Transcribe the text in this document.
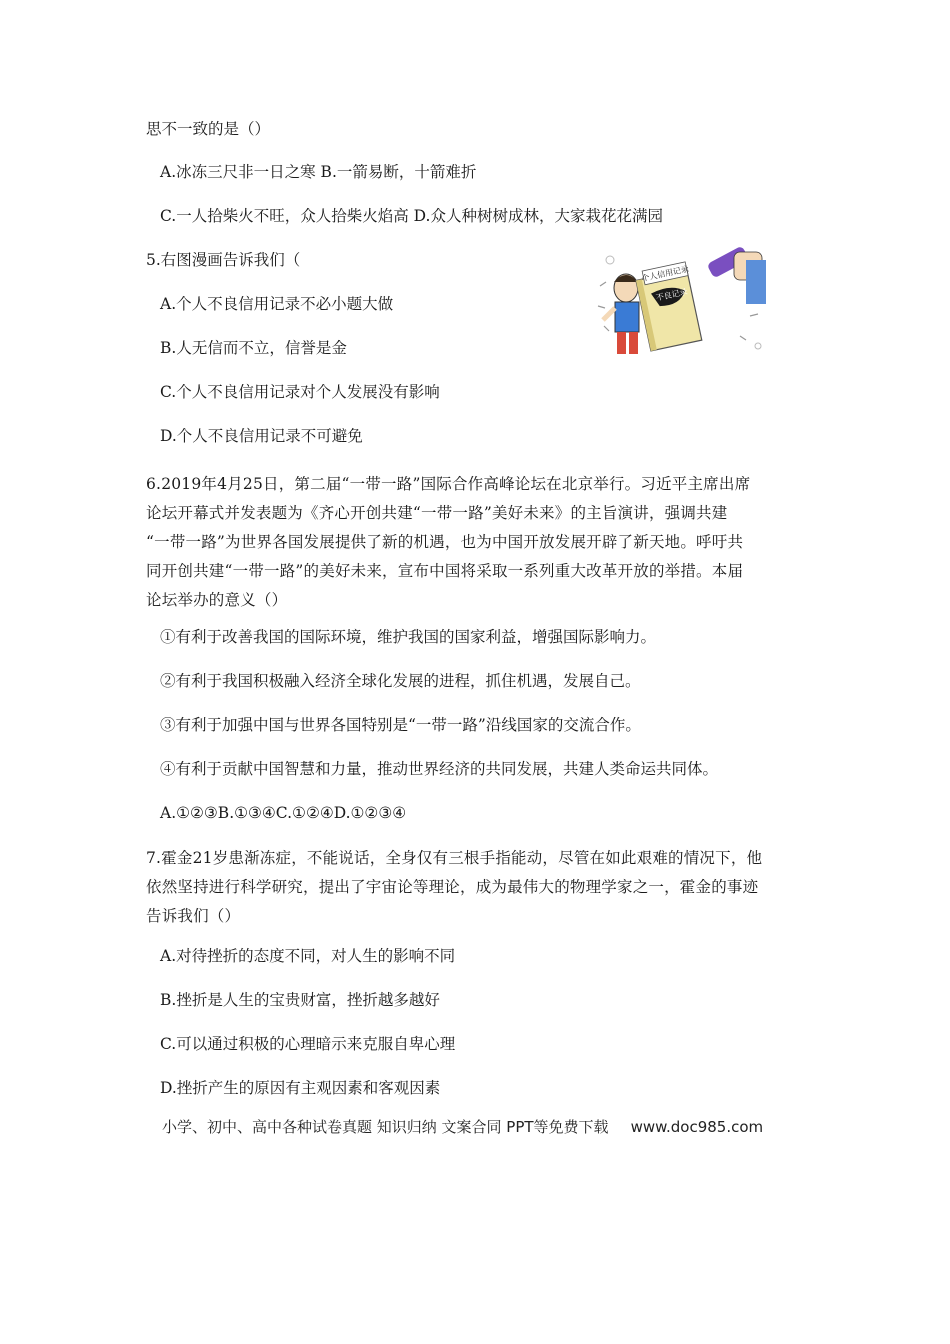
思不一致的是（）
A.冰冻三尺非一日之寒 B.一箭易断，十箭难折
C.一人拾柴火不旺，众人拾柴火焰高 D.众人种树树成林，大家栽花花满园
5.右图漫画告诉我们（
A.个人不良信用记录不必小题大做
B.人无信而不立，信誉是金
C.个人不良信用记录对个人发展没有影响
D.个人不良信用记录不可避免
个人信用记录
不良记录
6.2019年4月25日，第二届“一带一路”国际合作高峰论坛在北京举行。习近平主席出席
论坛开幕式并发表题为《齐心开创共建“一带一路”美好未来》的主旨演讲，强调共建
“一带一路”为世界各国发展提供了新的机遇，也为中国开放发展开辟了新天地。呼吁共
同开创共建“一带一路”的美好未来，宣布中国将采取一系列重大改革开放的举措。本届
论坛举办的意义（）
①有利于改善我国的国际环境，维护我国的国家利益，增强国际影响力。
②有利于我国积极融入经济全球化发展的进程，抓住机遇，发展自己。
③有利于加强中国与世界各国特别是“一带一路”沿线国家的交流合作。
④有利于贡献中国智慧和力量，推动世界经济的共同发展，共建人类命运共同体。
A.①②③B.①③④C.①②④D.①②③④
7.霍金21岁患渐冻症，不能说话，全身仅有三根手指能动，尽管在如此艰难的情况下，他
依然坚持进行科学研究，提出了宇宙论等理论，成为最伟大的物理学家之一，霍金的事迹
告诉我们（）
A.对待挫折的态度不同，对人生的影响不同
B.挫折是人生的宝贵财富，挫折越多越好
C.可以通过积极的心理暗示来克服自卑心理
D.挫折产生的原因有主观因素和客观因素
小学、初中、高中各种试卷真题 知识归纳 文案合同 PPT等免费下载 www.doc985.com
